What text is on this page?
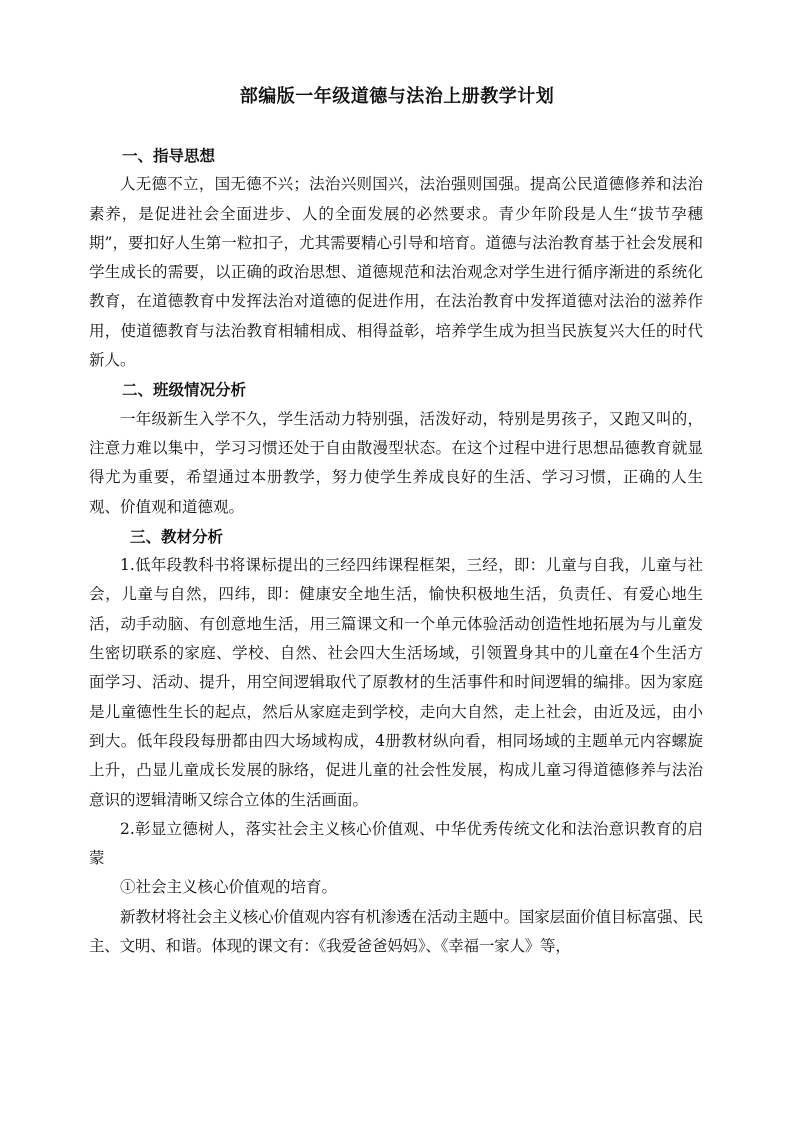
部编版一年级道德与法治上册教学计划

一、指导思想

人无德不立，国无德不兴；法治兴则国兴，法治强则国强。提高公民道德修养和法治素养，是促进社会全面进步、人的全面发展的必然要求。青少年阶段是人生“拔节孕穗期”，要扣好人生第一粒扣子，尤其需要精心引导和培育。道德与法治教育基于社会发展和学生成长的需要，以正确的政治思想、道德规范和法治观念对学生进行循序渐进的系统化教育，在道德教育中发挥法治对道德的促进作用，在法治教育中发挥道德对法治的滋养作用，使道德教育与法治教育相辅相成、相得益彰，培养学生成为担当民族复兴大任的时代新人。

二、班级情况分析

一年级新生入学不久，学生活动力特别强，活泼好动，特别是男孩子，又跑又叫的，注意力难以集中，学习习惯还处于自由散漫型状态。在这个过程中进行思想品德教育就显得尤为重要，希望通过本册教学，努力使学生养成良好的生活、学习习惯，正确的人生观、价值观和道德观。

三、教材分析

1.低年段教科书将课标提出的三经四纬课程框架，三经，即：儿童与自我，儿童与社会，儿童与自然，四纬，即：健康安全地生活，愉快积极地生活，负责任、有爱心地生活，动手动脑、有创意地生活，用三篇课文和一个单元体验活动创造性地拓展为与儿童发生密切联系的家庭、学校、自然、社会四大生活场域，引领置身其中的儿童在4个生活方面学习、活动、提升，用空间逻辑取代了原教材的生活事件和时间逻辑的编排。因为家庭是儿童德性生长的起点，然后从家庭走到学校，走向大自然，走上社会，由近及远，由小到大。低年段段每册都由四大场域构成，4册教材纵向看，相同场域的主题单元内容螺旋上升，凸显儿童成长发展的脉络，促进儿童的社会性发展，构成儿童习得道德修养与法治意识的逻辑清晰又综合立体的生活画面。

2.彰显立德树人，落实社会主义核心价值观、中华优秀传统文化和法治意识教育的启蒙

①社会主义核心价值观的培育。

新教材将社会主义核心价值观内容有机渗透在活动主题中。国家层面价值目标富强、民主、文明、和谐。体现的课文有：《我爱爸爸妈妈》、《幸福一家人》等，
